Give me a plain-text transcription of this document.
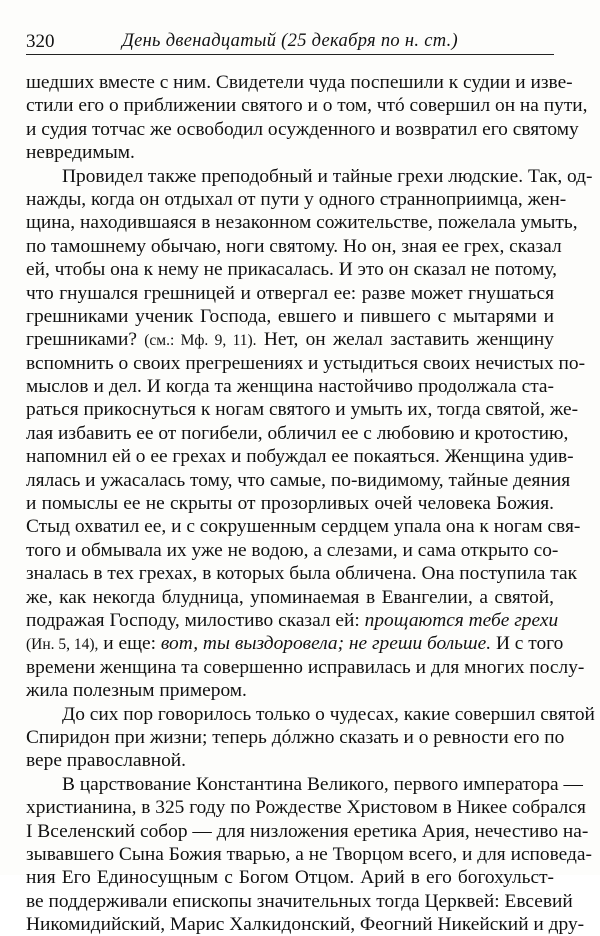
320	День двенадцатый (25 декабря по н. ст.)
шедших вместе с ним. Свидетели чуда поспешили к судии и изве-
стили его о приближении святого и о том, чтó совершил он на пути,
и судия тотчас же освободил осужденного и возвратил его святому
невредимым.
Провидел также преподобный и тайные грехи людские. Так, од-
нажды, когда он отдыхал от пути у одного странноприимца, жен-
щина, находившаяся в незаконном сожительстве, пожелала умыть,
по тамошнему обычаю, ноги святому. Но он, зная ее грех, сказал
ей, чтобы она к нему не прикасалась. И это он сказал не потому,
что гнушался грешницей и отвергал ее: разве может гнушаться
грешниками ученик Господа, евшего и пившего с мытарями и
грешниками? (см.: Мф. 9, 11). Нет, он желал заставить женщину
вспомнить о своих прегрешениях и устыдиться своих нечистых по-
мыслов и дел. И когда та женщина настойчиво продолжала ста-
раться прикоснуться к ногам святого и умыть их, тогда святой, же-
лая избавить ее от погибели, обличил ее с любовию и кротостию,
напомнил ей о ее грехах и побуждал ее покаяться. Женщина удив-
лялась и ужасалась тому, что самые, по-видимому, тайные деяния
и помыслы ее не скрыты от прозорливых очей человека Божия.
Стыд охватил ее, и с сокрушенным сердцем упала она к ногам свя-
того и обмывала их уже не водою, а слезами, и сама открыто со-
зналась в тех грехах, в которых была обличена. Она поступила так
же, как некогда блудница, упоминаемая в Евангелии, а святой,
подражая Господу, милостиво сказал ей: прощаются тебе грехи
(Ин. 5, 14), и еще: вот, ты выздоровела; не греши больше. И с того
времени женщина та совершенно исправилась и для многих послу-
жила полезным примером.
До сих пор говорилось только о чудесах, какие совершил святой
Спиридон при жизни; теперь дóлжно сказать и о ревности его по
вере православной.
В царствование Константина Великого, первого императора —
христианина, в 325 году по Рождестве Христовом в Никее собрался
I Вселенский собор — для низложения еретика Ария, нечестиво на-
зывавшего Сына Божия тварью, а не Творцом всего, и для исповеда-
ния Его Единосущным с Богом Отцом. Арий в его богохульст-
ве поддерживали епископы значительных тогда Церквей: Евсевий
Никомидийский, Марис Халкидонский, Феогний Никейский и дру-
